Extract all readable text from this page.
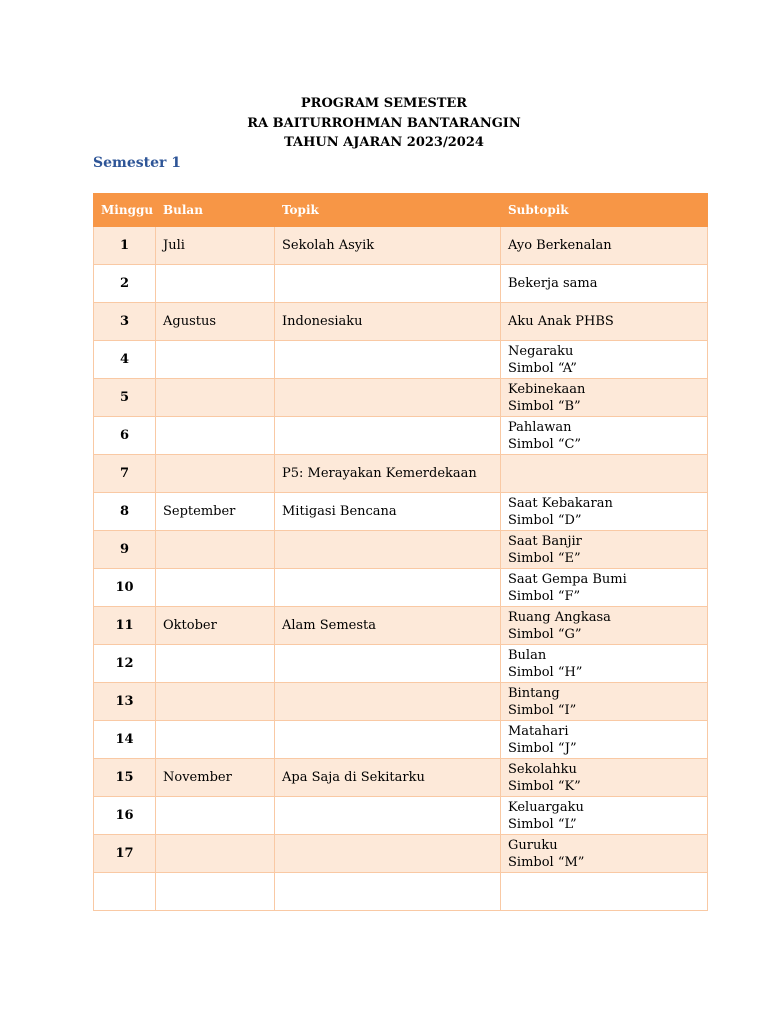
PROGRAM SEMESTER
RA BAITURROHMAN BANTARANGIN
TAHUN AJARAN 2023/2024
Semester 1
Minggu	Bulan	Topik	Subtopik
1	Juli	Sekolah Asyik	Ayo Berkenalan

2			Bekerja sama

3	Agustus	Indonesiaku	Aku Anak PHBS

4			Negaraku
Simbol “A”

5			Kebinekaan
Simbol “B”

6			Pahlawan
Simbol “C”

7		P5: Merayakan Kemerdekaan	

8	September	Mitigasi Bencana	Saat Kebakaran
Simbol “D”

9			Saat Banjir
Simbol “E”

10			Saat Gempa Bumi
Simbol “F”

11	Oktober	Alam Semesta	Ruang Angkasa
Simbol “G”

12			Bulan
Simbol “H”

13			Bintang
Simbol “I”

14			Matahari
Simbol “J”

15	November	Apa Saja di Sekitarku	Sekolahku
Simbol “K”

16			Keluargaku
Simbol “L”

17			Guruku
Simbol “M”
